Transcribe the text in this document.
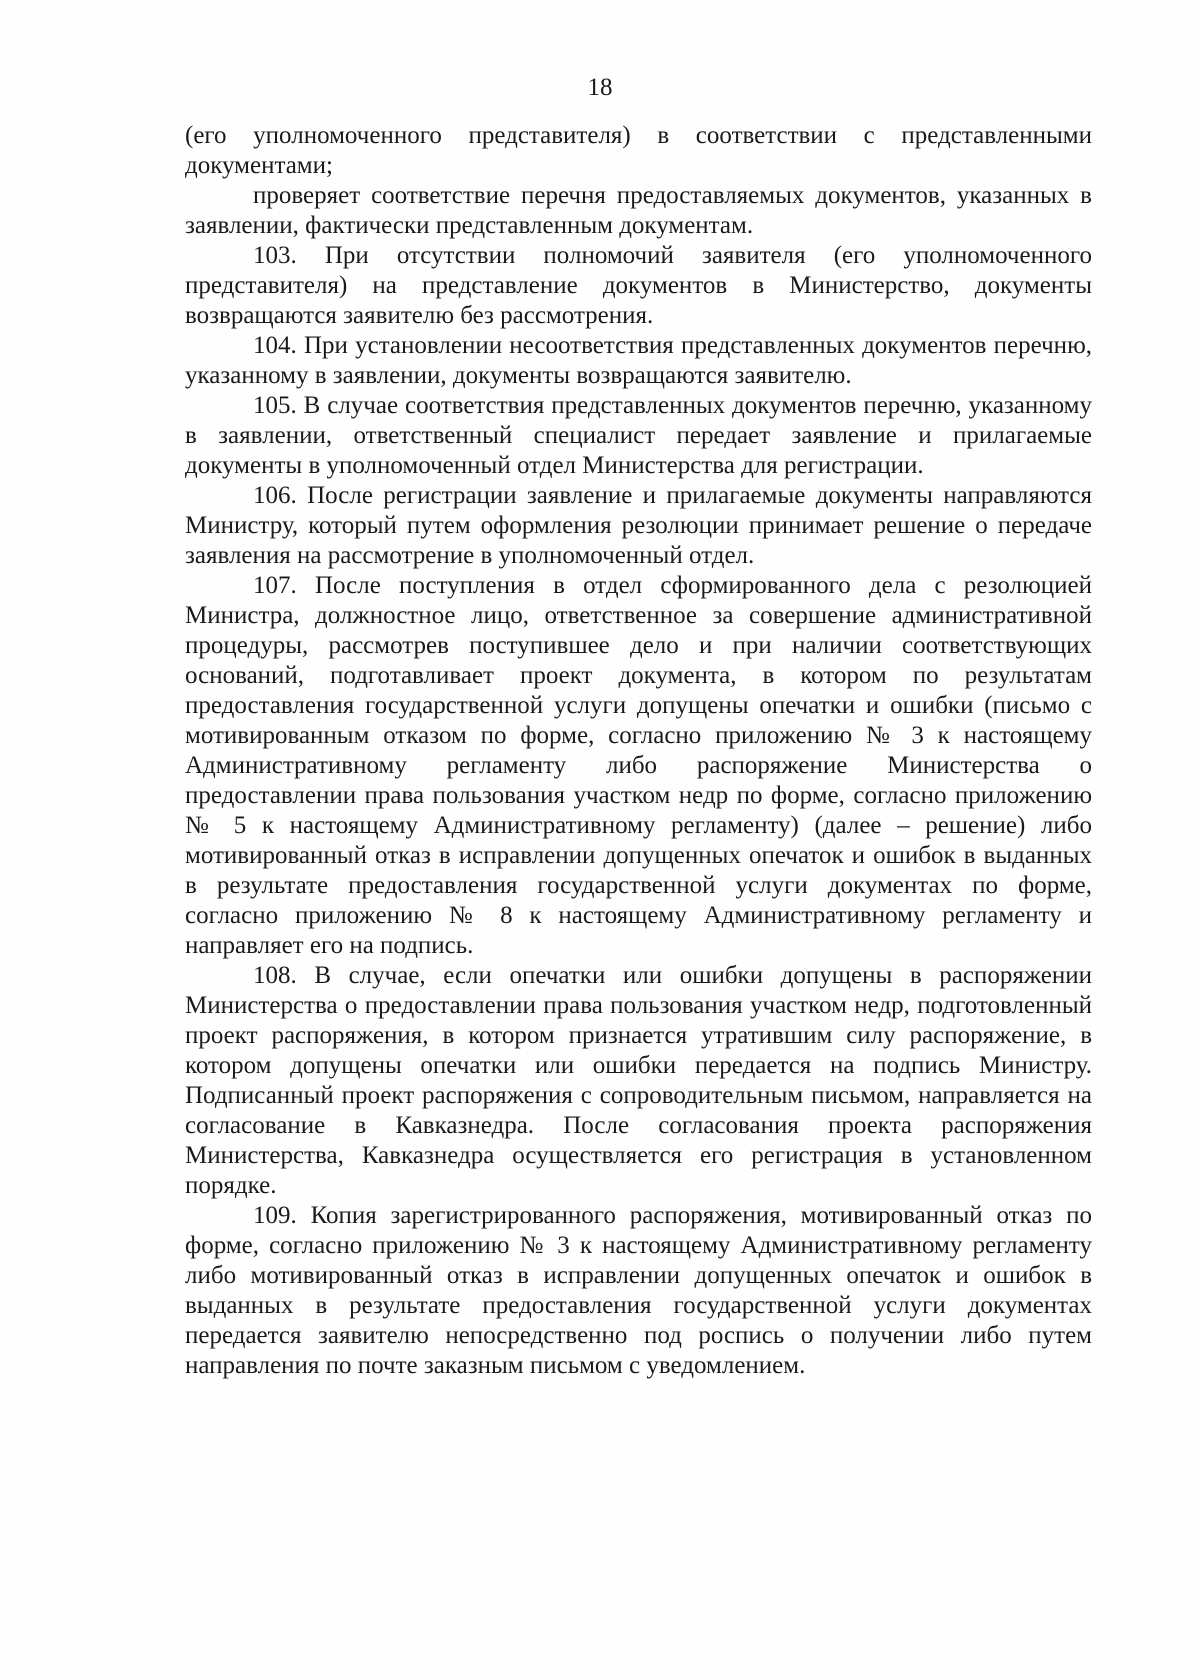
18

(его уполномоченного представителя) в соответствии с представленными документами;

проверяет соответствие перечня предоставляемых документов, указанных в заявлении, фактически представленным документам.

103. При отсутствии полномочий заявителя (его уполномоченного представителя) на представление документов в Министерство, документы возвращаются заявителю без рассмотрения.

104. При установлении несоответствия представленных документов перечню, указанному в заявлении, документы возвращаются заявителю.

105. В случае соответствия представленных документов перечню, указанному в заявлении, ответственный специалист передает заявление и прилагаемые документы в уполномоченный отдел Министерства для регистрации.

106. После регистрации заявление и прилагаемые документы направляются Министру, который путем оформления резолюции принимает решение о передаче заявления на рассмотрение в уполномоченный отдел.

107. После поступления в отдел сформированного дела с резолюцией Министра, должностное лицо, ответственное за совершение административной процедуры, рассмотрев поступившее дело и при наличии соответствующих оснований, подготавливает проект документа, в котором по результатам предоставления государственной услуги допущены опечатки и ошибки (письмо с мотивированным отказом по форме, согласно приложению № 3 к настоящему Административному регламенту либо распоряжение Министерства о предоставлении права пользования участком недр по форме, согласно приложению № 5 к настоящему Административному регламенту) (далее – решение) либо мотивированный отказ в исправлении допущенных опечаток и ошибок в выданных в результате предоставления государственной услуги документах по форме, согласно приложению № 8 к настоящему Административному регламенту и направляет его на подпись.

108. В случае, если опечатки или ошибки допущены в распоряжении Министерства о предоставлении права пользования участком недр, подготовленный проект распоряжения, в котором признается утратившим силу распоряжение, в котором допущены опечатки или ошибки передается на подпись Министру. Подписанный проект распоряжения с сопроводительным письмом, направляется на согласование в Кавказнедра. После согласования проекта распоряжения Министерства, Кавказнедра осуществляется его регистрация в установленном порядке.

109. Копия зарегистрированного распоряжения, мотивированный отказ по форме, согласно приложению № 3 к настоящему Административному регламенту либо мотивированный отказ в исправлении допущенных опечаток и ошибок в выданных в результате предоставления государственной услуги документах передается заявителю непосредственно под роспись о получении либо путем направления по почте заказным письмом с уведомлением.
